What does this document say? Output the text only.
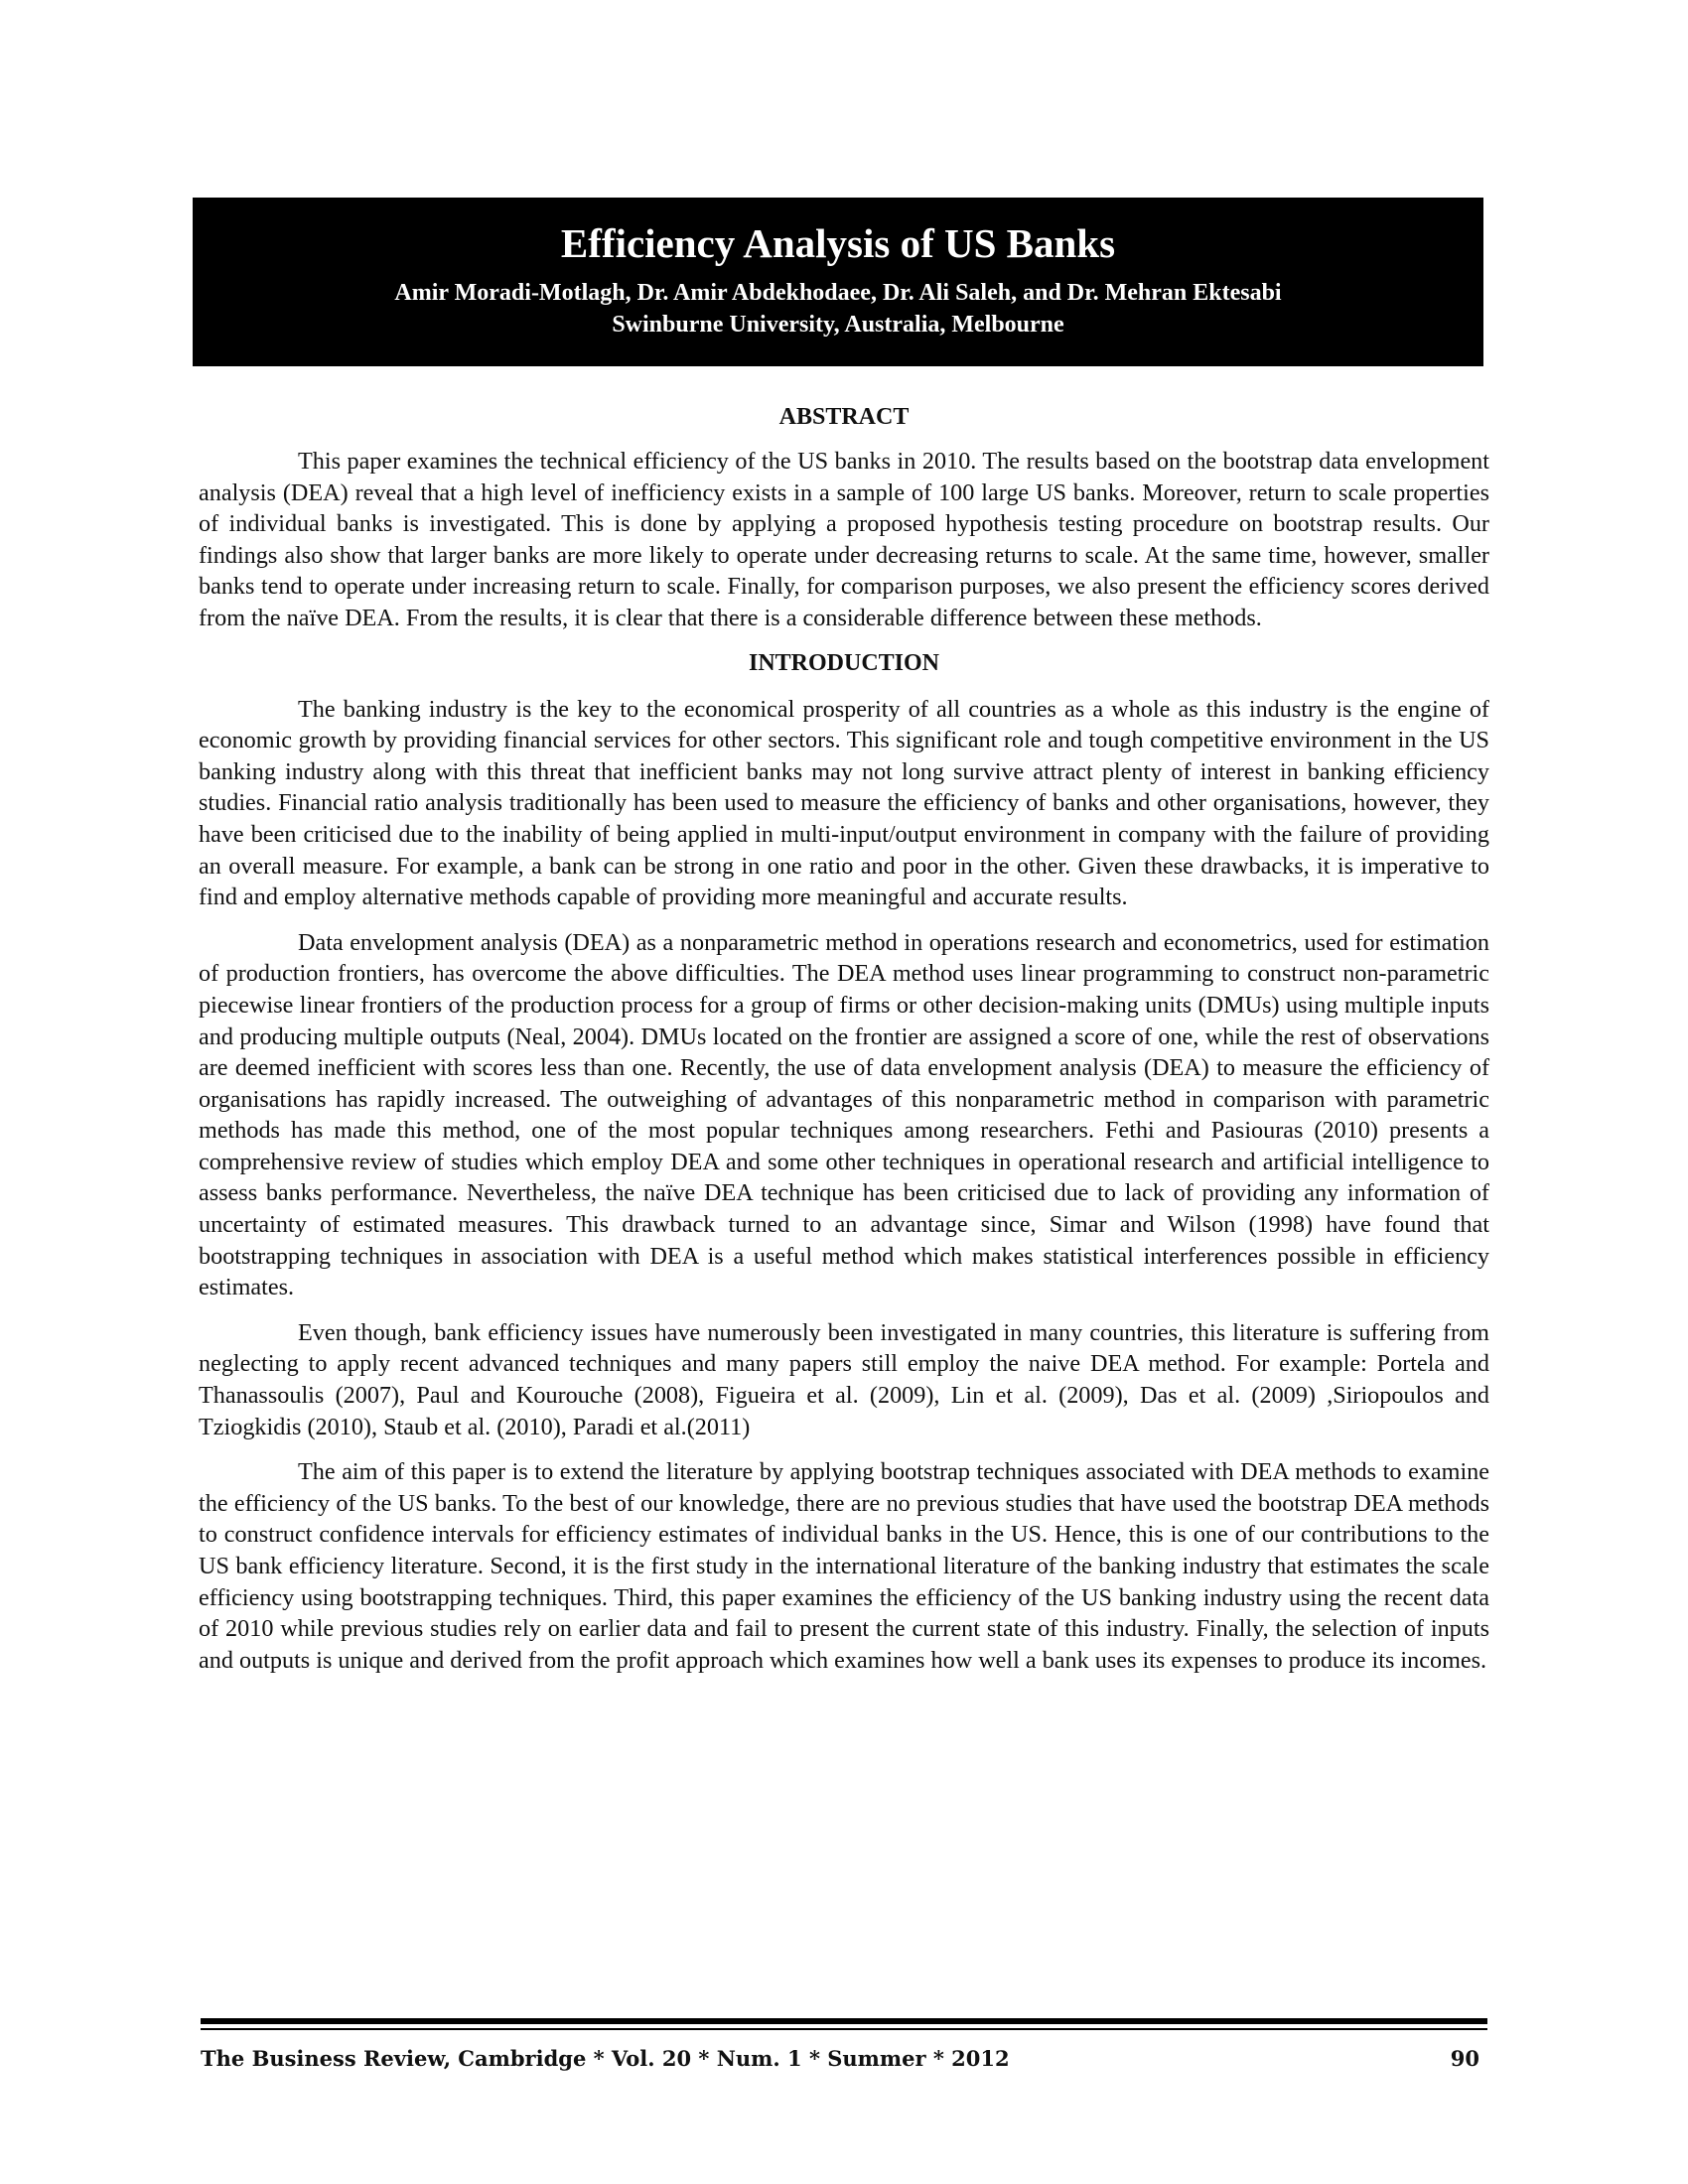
Efficiency Analysis of US Banks

Amir Moradi-Motlagh, Dr. Amir Abdekhodaee, Dr. Ali Saleh, and Dr. Mehran Ektesabi

Swinburne University, Australia, Melbourne

ABSTRACT

This paper examines the technical efficiency of the US banks in 2010. The results based on the bootstrap data envelopment analysis (DEA) reveal that a high level of inefficiency exists in a sample of 100 large US banks. Moreover, return to scale properties of individual banks is investigated. This is done by applying a proposed hypothesis testing procedure on bootstrap results. Our findings also show that larger banks are more likely to operate under decreasing returns to scale. At the same time, however, smaller banks tend to operate under increasing return to scale. Finally, for comparison purposes, we also present the efficiency scores derived from the naïve DEA. From the results, it is clear that there is a considerable difference between these methods.

INTRODUCTION

The banking industry is the key to the economical prosperity of all countries as a whole as this industry is the engine of economic growth by providing financial services for other sectors. This significant role and tough competitive environment in the US banking industry along with this threat that inefficient banks may not long survive attract plenty of interest in banking efficiency studies. Financial ratio analysis traditionally has been used to measure the efficiency of banks and other organisations, however, they have been criticised due to the inability of being applied in multi-input/output environment in company with the failure of providing an overall measure. For example, a bank can be strong in one ratio and poor in the other. Given these drawbacks, it is imperative to find and employ alternative methods capable of providing more meaningful and accurate results.

Data envelopment analysis (DEA) as a nonparametric method in operations research and econometrics, used for estimation of production frontiers, has overcome the above difficulties. The DEA method uses linear programming to construct non-parametric piecewise linear frontiers of the production process for a group of firms or other decision-making units (DMUs) using multiple inputs and producing multiple outputs (Neal, 2004). DMUs located on the frontier are assigned a score of one, while the rest of observations are deemed inefficient with scores less than one. Recently, the use of data envelopment analysis (DEA) to measure the efficiency of organisations has rapidly increased. The outweighing of advantages of this nonparametric method in comparison with parametric methods has made this method, one of the most popular techniques among researchers. Fethi and Pasiouras (2010) presents a comprehensive review of studies which employ DEA and some other techniques in operational research and artificial intelligence to assess banks performance. Nevertheless, the naïve DEA technique has been criticised due to lack of providing any information of uncertainty of estimated measures. This drawback turned to an advantage since, Simar and Wilson (1998) have found that bootstrapping techniques in association with DEA is a useful method which makes statistical interferences possible in efficiency estimates.

Even though, bank efficiency issues have numerously been investigated in many countries, this literature is suffering from neglecting to apply recent advanced techniques and many papers still employ the naive DEA method. For example: Portela and Thanassoulis (2007), Paul and Kourouche (2008), Figueira et al. (2009), Lin et al. (2009), Das et al. (2009) ,Siriopoulos and Tziogkidis (2010), Staub et al. (2010), Paradi et al.(2011)

The aim of this paper is to extend the literature by applying bootstrap techniques associated with DEA methods to examine the efficiency of the US banks. To the best of our knowledge, there are no previous studies that have used the bootstrap DEA methods to construct confidence intervals for efficiency estimates of individual banks in the US. Hence, this is one of our contributions to the US bank efficiency literature. Second, it is the first study in the international literature of the banking industry that estimates the scale efficiency using bootstrapping techniques. Third, this paper examines the efficiency of the US banking industry using the recent data of 2010 while previous studies rely on earlier data and fail to present the current state of this industry. Finally, the selection of inputs and outputs is unique and derived from the profit approach which examines how well a bank uses its expenses to produce its incomes.

The Business Review, Cambridge * Vol. 20 * Num. 1 * Summer * 2012	90
